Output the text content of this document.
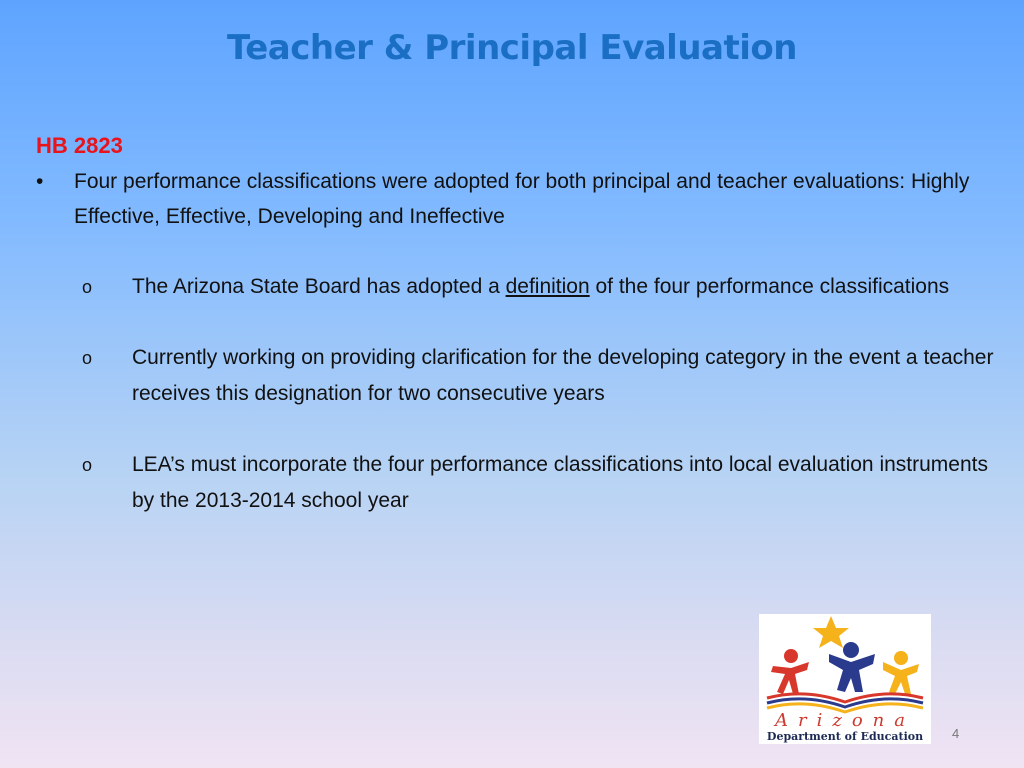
Teacher & Principal Evaluation
HB 2823
•	Four performance classifications were adopted for both principal and teacher evaluations: Highly Effective, Effective, Developing and Ineffective
o The Arizona State Board has adopted a definition of the four performance classifications
o Currently working on providing clarification for the developing category in the event a teacher receives this designation for two consecutive years
o LEA’s must incorporate the four performance classifications into local evaluation instruments by the 2013-2014 school year
Arizona
Department of Education	4
